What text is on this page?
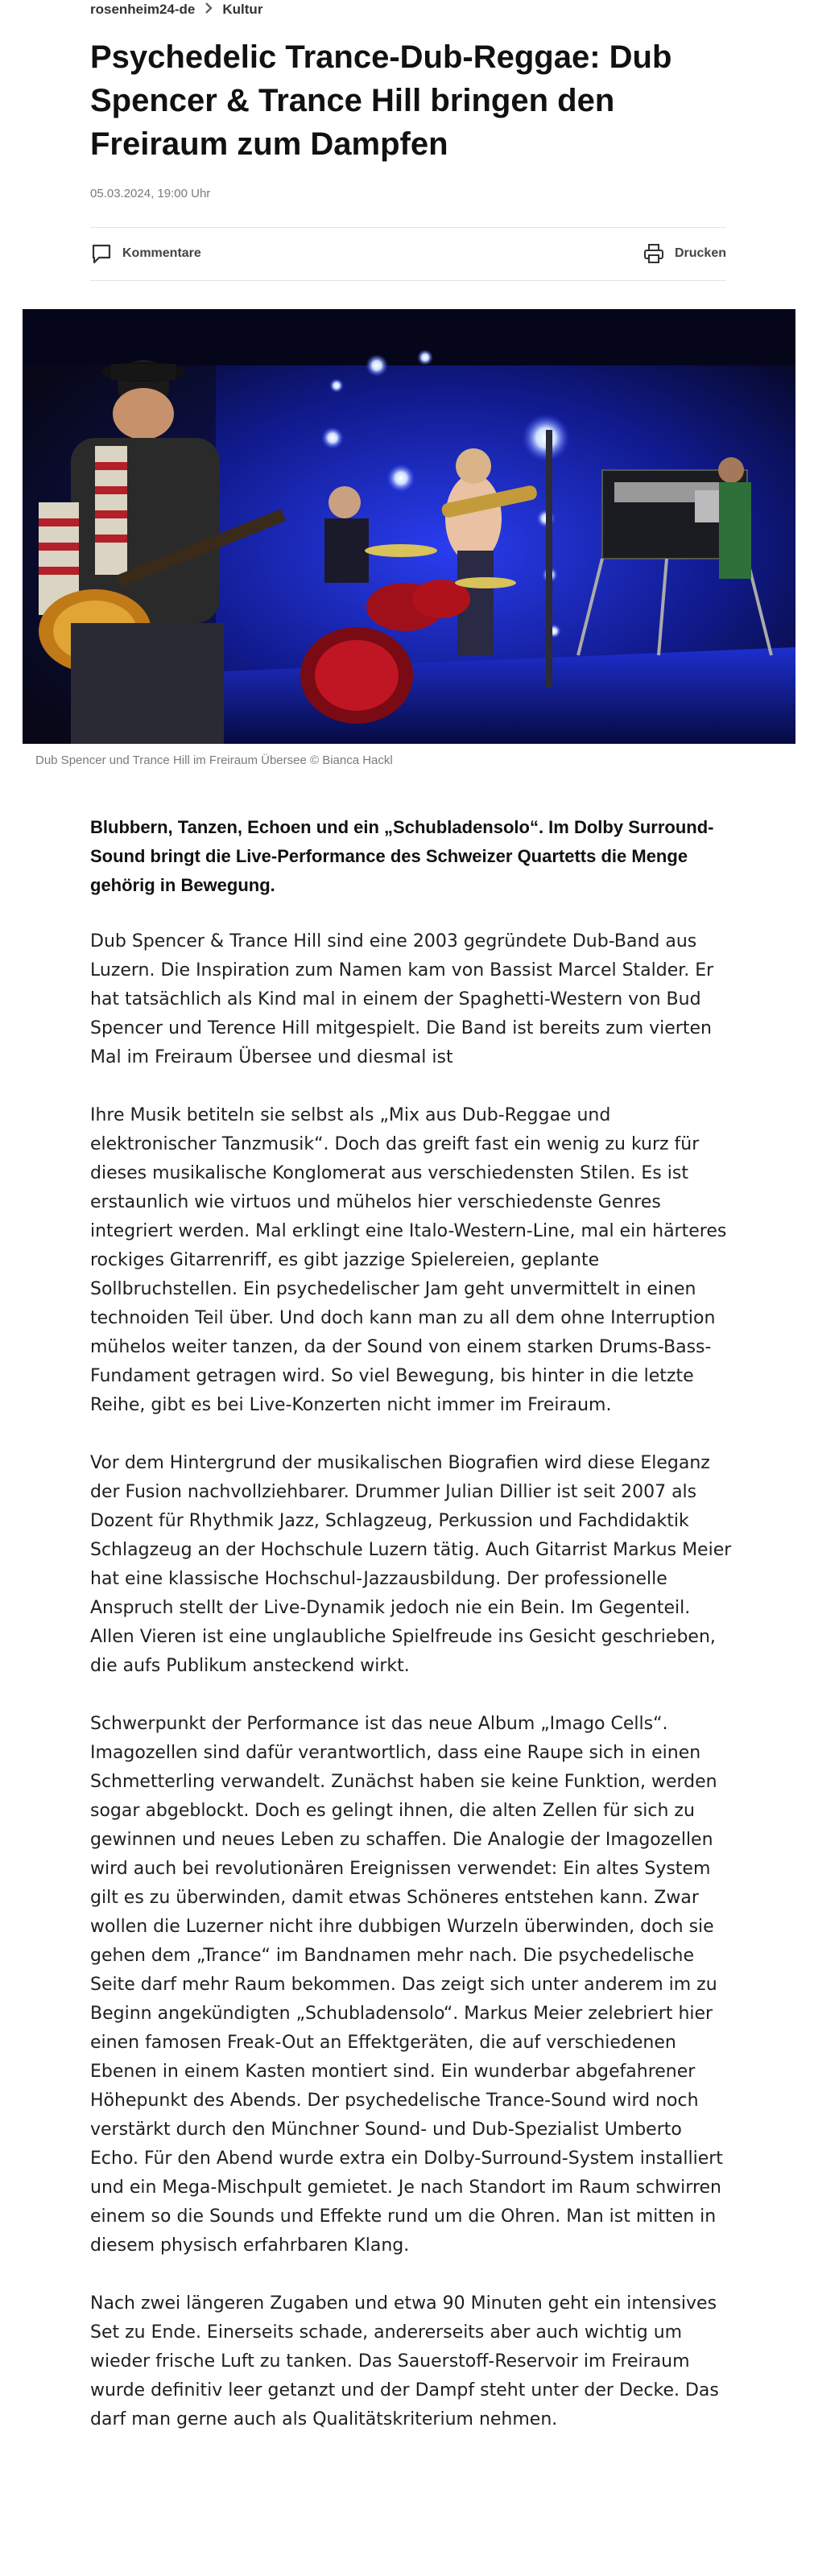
rosenheim24-de Kultur
Psychedelic Trance-Dub-Reggae: Dub Spencer & Trance Hill bringen den Freiraum zum Dampfen
05.03.2024, 19:00 Uhr
Kommentare	Drucken
Dub Spencer und Trance Hill im Freiraum Übersee © Bianca Hackl

Blubbern, Tanzen, Echoen und ein „Schubladensolo“. Im Dolby Surround-Sound bringt die Live-Performance des Schweizer Quartetts die Menge gehörig in Bewegung.

Dub Spencer & Trance Hill sind eine 2003 gegründete Dub-Band aus Luzern. Die Inspiration zum Namen kam von Bassist Marcel Stalder. Er hat tatsächlich als Kind mal in einem der Spaghetti-Western von Bud Spencer und Terence Hill mitgespielt. Die Band ist bereits zum vierten Mal im Freiraum Übersee und diesmal ist

Ihre Musik betiteln sie selbst als „Mix aus Dub-Reggae und elektronischer Tanzmusik“. Doch das greift fast ein wenig zu kurz für dieses musikalische Konglomerat aus verschiedensten Stilen. Es ist erstaunlich wie virtuos und mühelos hier verschiedenste Genres integriert werden. Mal erklingt eine Italo-Western-Line, mal ein härteres rockiges Gitarrenriff, es gibt jazzige Spielereien, geplante Sollbruchstellen. Ein psychedelischer Jam geht unvermittelt in einen technoiden Teil über. Und doch kann man zu all dem ohne Interruption mühelos weiter tanzen, da der Sound von einem starken Drums-Bass-Fundament getragen wird. So viel Bewegung, bis hinter in die letzte Reihe, gibt es bei Live-Konzerten nicht immer im Freiraum.

Vor dem Hintergrund der musikalischen Biografien wird diese Eleganz der Fusion nachvollziehbarer. Drummer Julian Dillier ist seit 2007 als Dozent für Rhythmik Jazz, Schlagzeug, Perkussion und Fachdidaktik Schlagzeug an der Hochschule Luzern tätig. Auch Gitarrist Markus Meier hat eine klassische Hochschul-Jazzausbildung. Der professionelle Anspruch stellt der Live-Dynamik jedoch nie ein Bein. Im Gegenteil. Allen Vieren ist eine unglaubliche Spielfreude ins Gesicht geschrieben, die aufs Publikum ansteckend wirkt.

Schwerpunkt der Performance ist das neue Album „Imago Cells“. Imagozellen sind dafür verantwortlich, dass eine Raupe sich in einen Schmetterling verwandelt. Zunächst haben sie keine Funktion, werden sogar abgeblockt. Doch es gelingt ihnen, die alten Zellen für sich zu gewinnen und neues Leben zu schaffen. Die Analogie der Imagozellen wird auch bei revolutionären Ereignissen verwendet: Ein altes System gilt es zu überwinden, damit etwas Schöneres entstehen kann. Zwar wollen die Luzerner nicht ihre dubbigen Wurzeln überwinden, doch sie gehen dem „Trance“ im Bandnamen mehr nach. Die psychedelische Seite darf mehr Raum bekommen. Das zeigt sich unter anderem im zu Beginn angekündigten „Schubladensolo“. Markus Meier zelebriert hier einen famosen Freak-Out an Effektgeräten, die auf verschiedenen Ebenen in einem Kasten montiert sind. Ein wunderbar abgefahrener Höhepunkt des Abends. Der psychedelische Trance-Sound wird noch verstärkt durch den Münchner Sound- und Dub-Spezialist Umberto Echo. Für den Abend wurde extra ein Dolby-Surround-System installiert und ein Mega-Mischpult gemietet. Je nach Standort im Raum schwirren einem so die Sounds und Effekte rund um die Ohren. Man ist mitten in diesem physisch erfahrbaren Klang.

Nach zwei längeren Zugaben und etwa 90 Minuten geht ein intensives Set zu Ende. Einerseits schade, andererseits aber auch wichtig um wieder frische Luft zu tanken. Das Sauerstoff-Reservoir im Freiraum wurde definitiv leer getanzt und der Dampf steht unter der Decke. Das darf man gerne auch als Qualitätskriterium nehmen.
